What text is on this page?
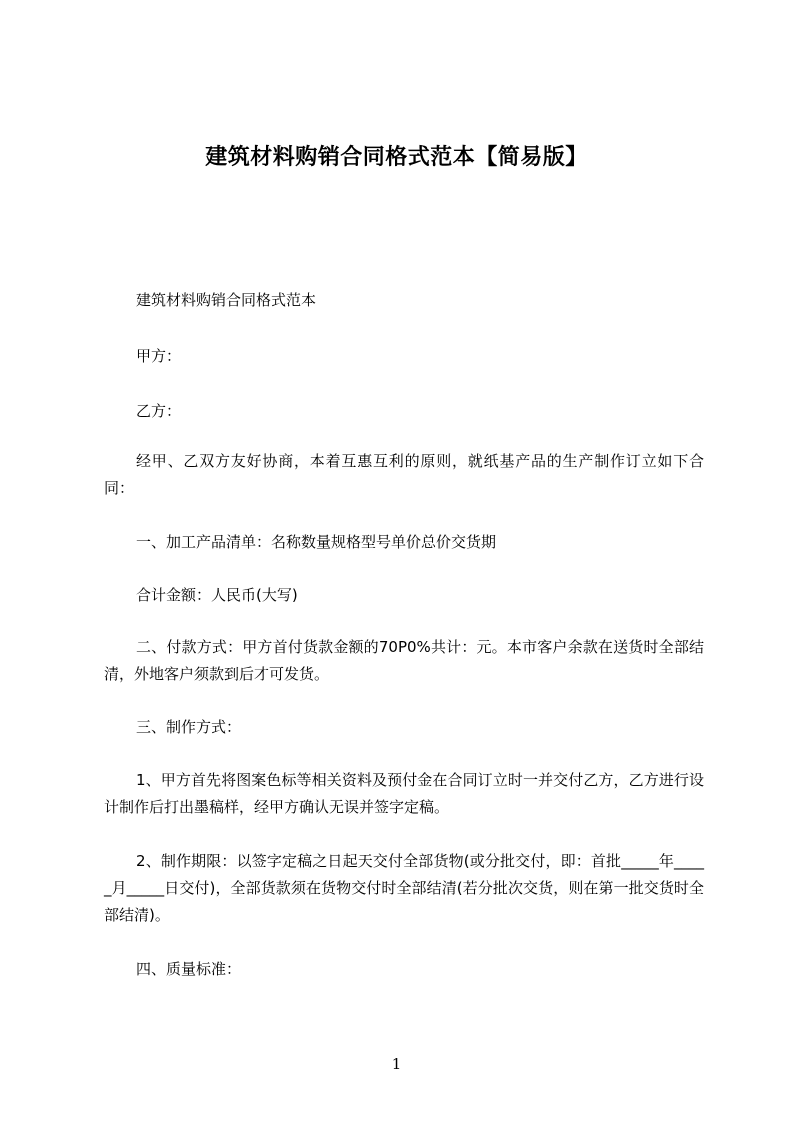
建筑材料购销合同格式范本【简易版】
建筑材料购销合同格式范本
甲方：
乙方：
经甲、乙双方友好协商，本着互惠互利的原则，就纸基产品的生产制作订立如下合同：
一、加工产品清单：名称数量规格型号单价总价交货期
合计金额：人民币(大写)
二、付款方式：甲方首付货款金额的70P0%共计：元。本市客户余款在送货时全部结清，外地客户须款到后才可发货。
三、制作方式：
1、甲方首先将图案色标等相关资料及预付金在合同订立时一并交付乙方，乙方进行设计制作后打出墨稿样，经甲方确认无误并签字定稿。
2、制作期限：以签字定稿之日起天交付全部货物(或分批交付，即：首批_____年_____月_____日交付)，全部货款须在货物交付时全部结清(若分批次交货，则在第一批交货时全部结清)。
四、质量标准：
1
